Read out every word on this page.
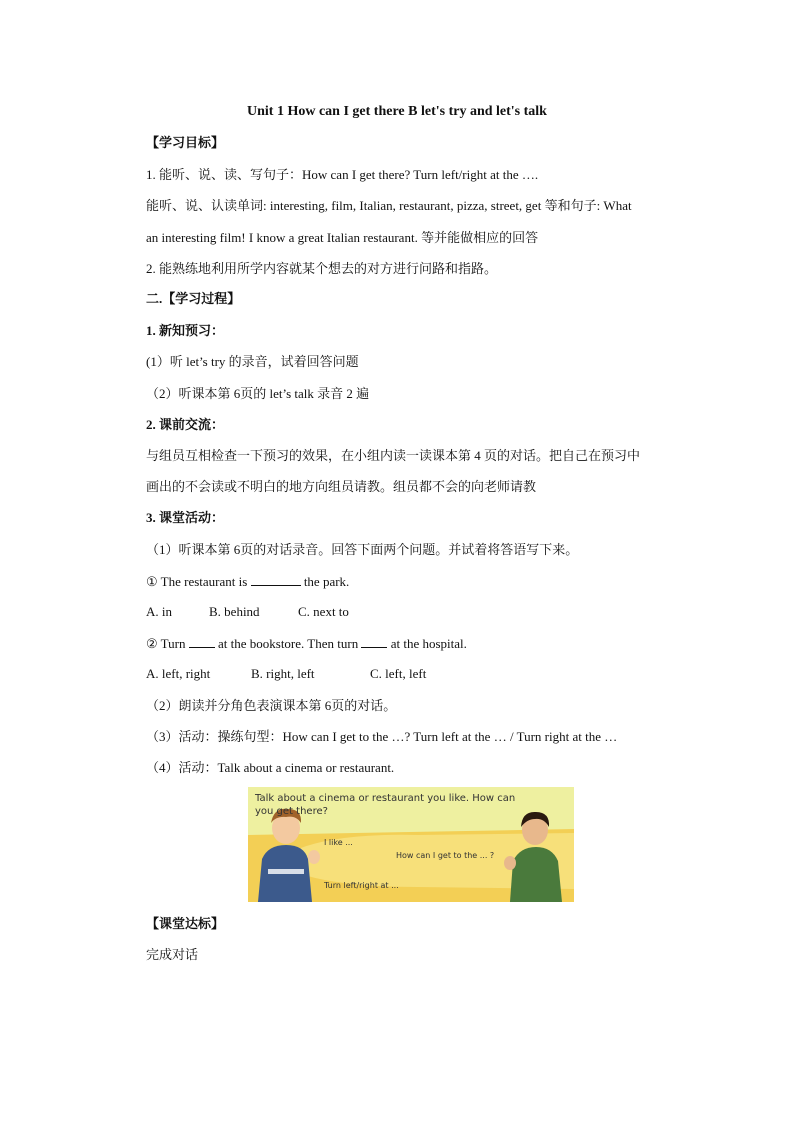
Unit 1 How can I get there B let's try and let's talk
【学习目标】
1. 能听、说、读、写句子：How can I get there? Turn left/right at the ….
能听、说、认读单词: interesting, film, Italian, restaurant, pizza, street, get 等和句子: What
an interesting film! I know a great Italian restaurant. 等并能做相应的回答
2. 能熟练地利用所学内容就某个想去的对方进行问路和指路。
二.【学习过程】
1. 新知预习：
(1）听 let’s try 的录音，试着回答问题
（2）听课本第 6页的 let’s talk 录音 2 遍
2. 课前交流：
与组员互相检查一下预习的效果，在小组内读一读课本第 4 页的对话。把自己在预习中
画出的不会读或不明白的地方向组员请教。组员都不会的向老师请教
3. 课堂活动：
（1）听课本第 6页的对话录音。回答下面两个问题。并试着将答语写下来。
① The restaurant is	the park.
A. in	B. behind	C. next to
② Turn	at the bookstore. Then turn	at the hospital.
A. left, right	B. right, left	C. left, left
（2）朗读并分角色表演课本第 6页的对话。
（3）活动：操练句型：How can I get to the …? Turn left at the … / Turn right at the …
（4）活动：Talk about a cinema or restaurant.
Talk about a cinema or restaurant you like. How can
you get there?
I like ...
How can I get to the ... ?
Turn left/right at ...
【课堂达标】
完成对话
